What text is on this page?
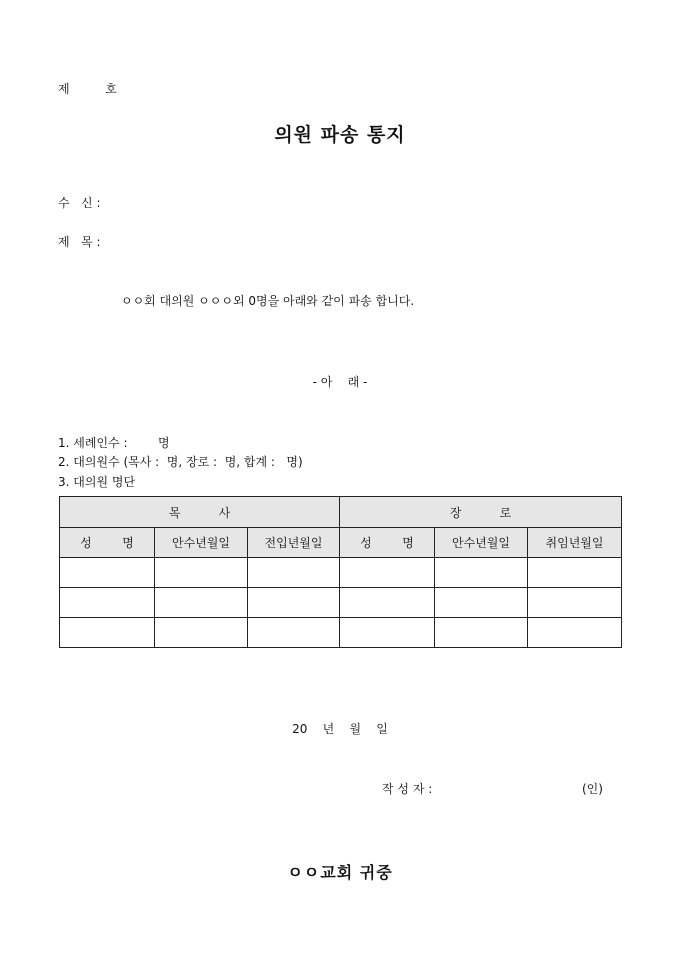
제	호
의원 파송 통지
수   신 :
제   목 :
ㅇㅇ회 대의원 ㅇㅇㅇ외 0명을 아래와 같이 파송 합니다.
- 아    래 -
1. 세례인수 :        명
2. 대의원수 (목사 :  명, 장로 :  명, 합계 :   명)
3. 대의원 명단
목          사			장          로		
성        명	안수년월일	전입년월일	성        명	안수년월일	취임년월일

20    년    월    일
작 성 자 :	(인)
ㅇㅇ교회 귀중
